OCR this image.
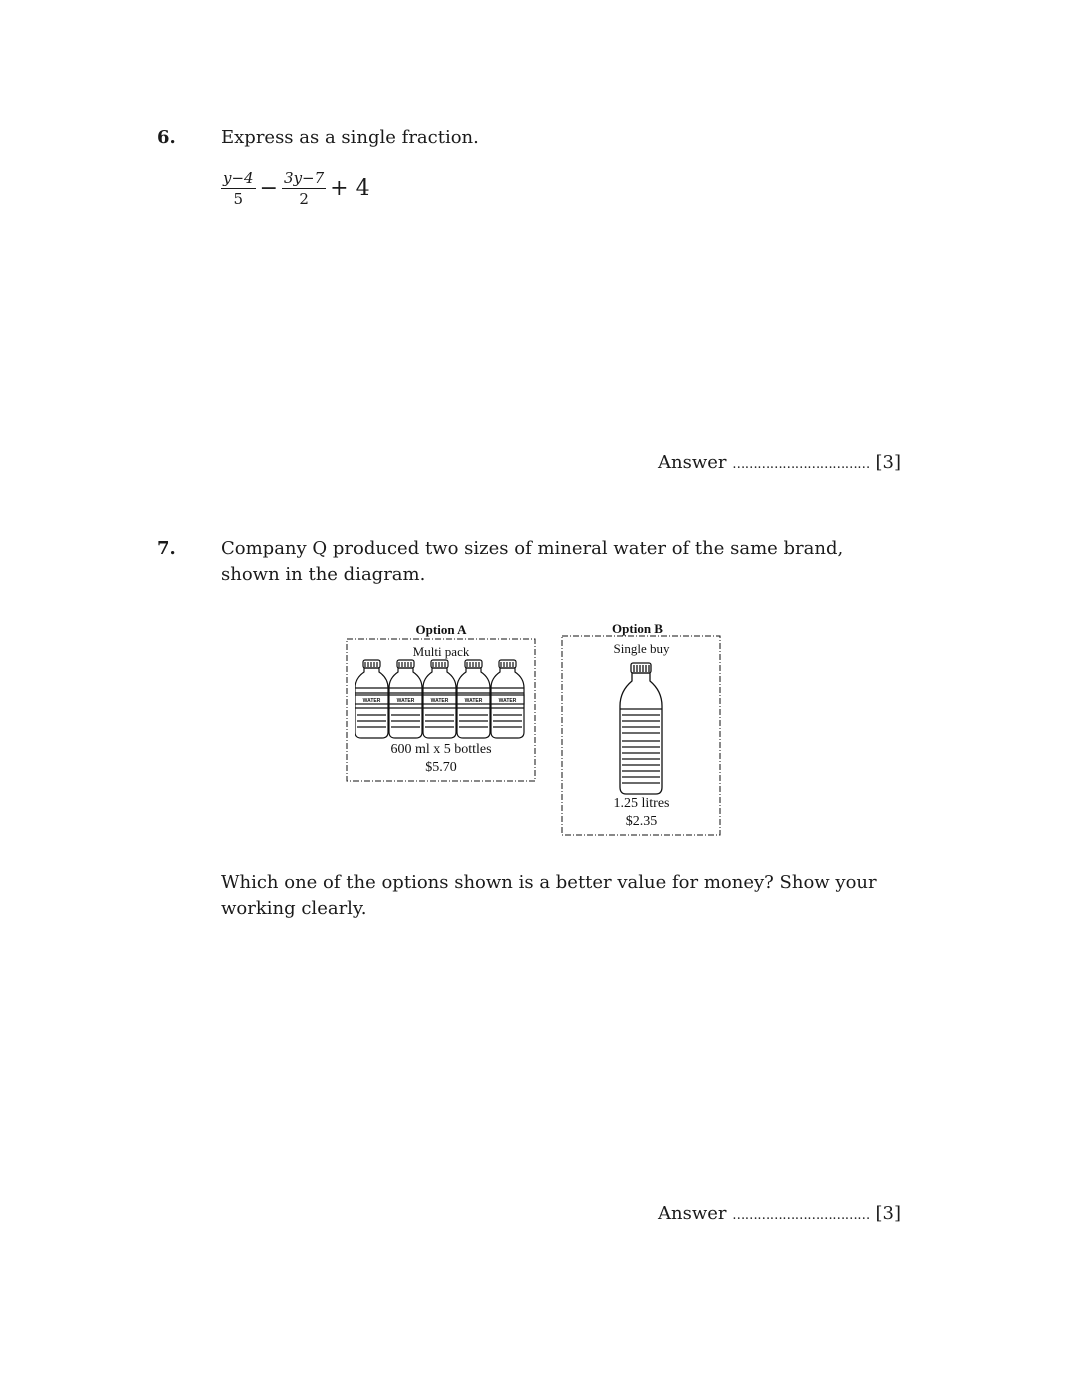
6.	Express as a single fraction.
$\frac{y-4}{5} - \frac{3y-7}{2} + 4$
Answer …………………………… [3]
7.	Company Q produced two sizes of mineral water of the same brand, shown in the diagram.
Option A
Multi pack
WATER	WATER	WATER	WATER	WATER
600 ml x 5 bottles
$5.70
Option B
Single buy
1.25 litres
$2.35
Which one of the options shown is a better value for money? Show your working clearly.
Answer …………………………… [3]
